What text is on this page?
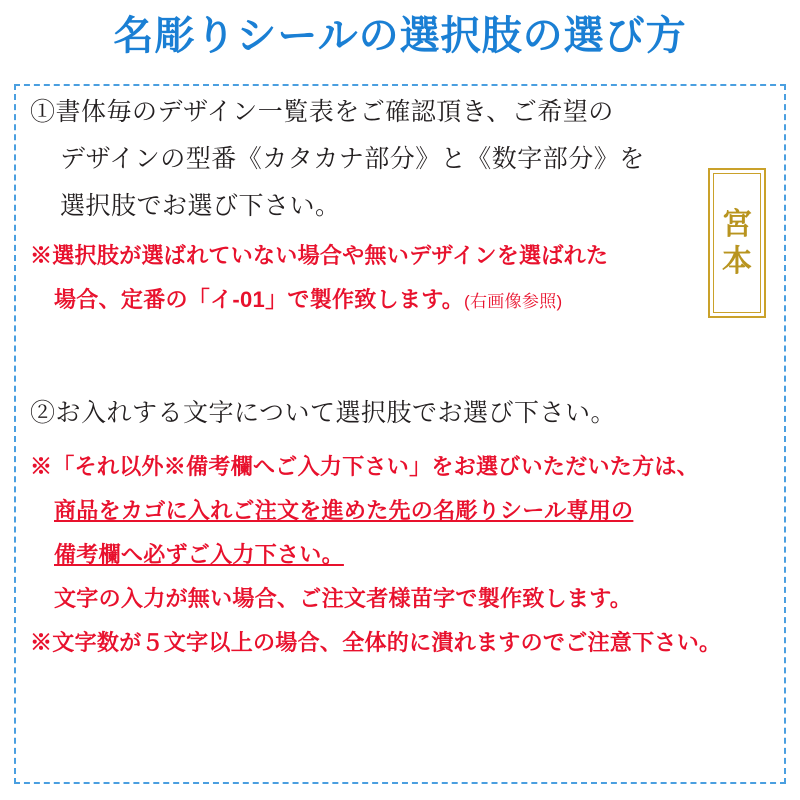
名彫りシールの選択肢の選び方
①書体毎のデザイン一覧表をご確認頂き、ご希望の
デザインの型番《カタカナ部分》と《数字部分》を
選択肢でお選び下さい。
※選択肢が選ばれていない場合や無いデザインを選ばれた
場合、定番の「イ-01」で製作致します。(右画像参照)
②お入れする文字について選択肢でお選び下さい。
※「それ以外※備考欄へご入力下さい」をお選びいただいた方は、
商品をカゴに入れご注文を進めた先の名彫りシール専用の
備考欄へ必ずご入力下さい。
文字の入力が無い場合、ご注文者様苗字で製作致します。
※文字数が５文字以上の場合、全体的に潰れますのでご注意下さい。
宮
本
